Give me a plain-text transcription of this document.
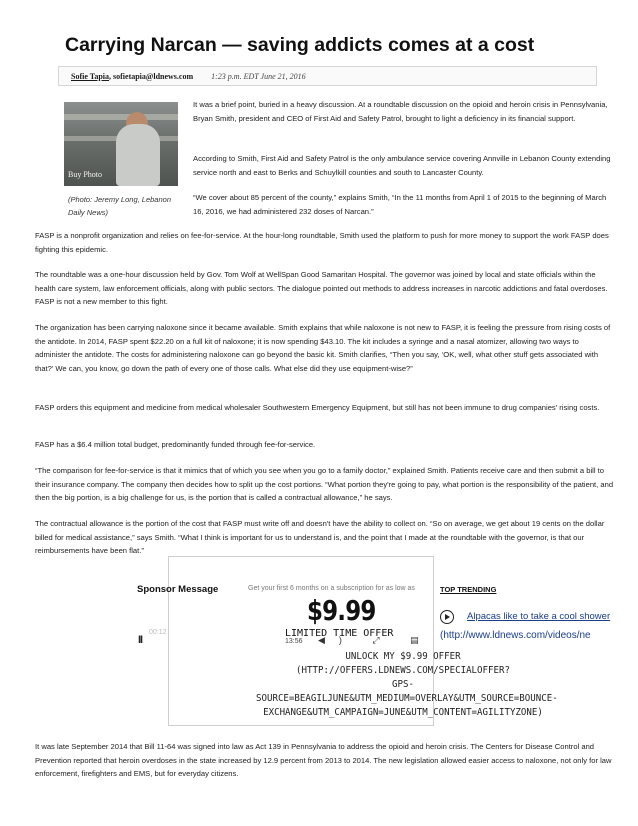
Carrying Narcan — saving addicts comes at a cost
Sofie Tapia, sofietapia@ldnews.com 1:23 p.m. EDT June 21, 2016
Buy Photo
(Photo: Jeremy Long, Lebanon Daily News)

It was a brief point, buried in a heavy discussion. At a roundtable discussion on the opioid and heroin crisis in Pennsylvania, Bryan Smith, president and CEO of First Aid and Safety Patrol, brought to light a deficiency in its financial support.

According to Smith, First Aid and Safety Patrol is the only ambulance service covering Annville in Lebanon County extending service north and east to Berks and Schuylkill counties and south to Lancaster County.

“We cover about 85 percent of the county,” explains Smith, “In the 11 months from April 1 of 2015 to the beginning of March 16, 2016, we had administered 232 doses of Narcan.”

FASP is a nonprofit organization and relies on fee-for-service. At the hour-long roundtable, Smith used the platform to push for more money to support the work FASP does fighting this epidemic.

The roundtable was a one-hour discussion held by Gov. Tom Wolf at WellSpan Good Samaritan Hospital. The governor was joined by local and state officials within the health care system, law enforcement officials, along with public sectors. The dialogue pointed out methods to address increases in narcotic addictions and fatal overdoses. FASP is not a new member to this fight.

The organization has been carrying naloxone since it became available. Smith explains that while naloxone is not new to FASP, it is feeling the pressure from rising costs of the antidote. In 2014, FASP spent $22.20 on a full kit of naloxone; it is now spending $43.10. The kit includes a syringe and a nasal atomizer, allowing two ways to administer the antidote. The costs for administering naloxone can go beyond the basic kit. Smith clarifies, “Then you say, ‘OK, well, what other stuff gets associated with that?’ We can, you know, go down the path of every one of those calls. What else did they use equipment-wise?”

FASP orders this equipment and medicine from medical wholesaler Southwestern Emergency Equipment, but still has not been immune to drug companies' rising costs.

FASP has a $6.4 million total budget, predominantly funded through fee-for-service.

“The comparison for fee-for-service is that it mimics that of which you see when you go to a family doctor,” explained Smith. Patients receive care and then submit a bill to their insurance company. The company then decides how to split up the cost portions. “What portion they're going to pay, what portion is the responsibility of the patient, and then the big portion, is a big challenge for us, is the portion that is called a contractual allowance,” he says.

The contractual allowance is the portion of the cost that FASP must write off and doesn't have the ability to collect on. “So on average, we get about 19 cents on the dollar billed for medical assistance,” says Smith. “What I think is important for us to understand is, and the point that I made at the roundtable with the governor, is that our reimbursements have been flat.”

Sponsor Message	Get your first 6 months on a subscription for as low as
$9.99
LIMITED TIME OFFER
00:12
II	13:56 ◀) ⤢ ▤
UNLOCK MY $9.99 OFFER
(HTTP://OFFERS.LDNEWS.COM/SPECIALOFFER?
GPS-
SOURCE=BEAGILJUNE&UTM_MEDIUM=OVERLAY&UTM_SOURCE=BOUNCE-
EXCHANGE&UTM_CAMPAIGN=JUNE&UTM_CONTENT=AGILITYZONE)
TOP TRENDING
Alpacas like to take a cool shower
(http://www.ldnews.com/videos/ne

It was late September 2014 that Bill 11-64 was signed into law as Act 139 in Pennsylvania to address the opioid and heroin crisis. The Centers for Disease Control and Prevention reported that heroin overdoses in the state increased by 12.9 percent from 2013 to 2014. The new legislation allowed easier access to naloxone, not only for law enforcement, firefighters and EMS, but for everyday citizens.
